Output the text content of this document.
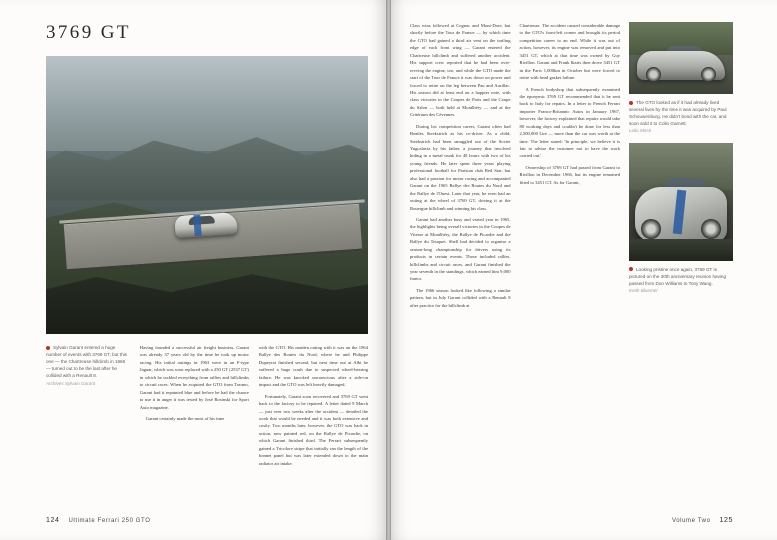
3769 GT
Sylvain Garant entered a huge number of events with 3769 GT, but this one — the Chartreuse hillclimb in 1966 — turned out to be the last after he collided with a Renault 8.
Archives Sylvain Garant

Having founded a successful air freight business, Garant was already 37 years old by the time he took up motor racing. His initial outings in 1963 were in an F-type Jaguar, which was soon replaced with a 250 GT (2537 GT) in which he tackled everything from rallies and hillclimbs to circuit races. When he acquired the GTO from Tavano, Garant had it repainted blue and before he had the chance to use it in anger it was tested by José Rosinski for Sport Auto magazine.

Garant certainly made the most of his time

with the GTO. His maiden outing with it was on the 1964 Rallye des Routes du Nord, where he and Philippe Dupeyrat finished second, but next time out at Albi he suffered a huge crash due to suspected wheel-bearing failure. He was knocked unconscious after a side-on impact and the GTO was left heavily damaged.

Fortunately, Garant soon recovered and 3769 GT went back to the factory to be repaired. A letter dated 9 March — just over two weeks after the accident — detailed the work that would be needed and it was both extensive and costly. Two months later, however, the GTO was back in action, now painted red, on the Rallye de Picardie, on which Garant finished third. The Ferrari subsequently gained a Tricolore stripe that initially ran the length of the bonnet panel but was later extended down to the main radiator air intake.

124 Ultimate Ferrari 250 GTO

Class wins followed at Cognac and Mont-Dore, but shortly before the Tour de France — by which time the GTO had gained a third air vent on the trailing edge of each front wing — Garant entered the Chartreuse hillclimb and suffered another accident. His support crew reported that he had been over-revving the engine, too, and while the GTO made the start of the Tour de France it was down on power and forced to retire on the leg between Pau and Aurillac. His season did at least end on a happier note, with class victories in the Coupes de Paris and the Coupe du Salon — both held at Montlhéry — and at the Critérium des Cévennes.

During his competition career, Garant often had Beatles Steekstrich as his co-driver. As a child, Steekstrich had been smuggled out of the Soviet Yugoslavia by his father, a journey that involved hiding in a metal trunk for 48 hours with two of his young friends. He later spent three years playing professional football for Parisian club Red Star, but also had a passion for motor racing and accompanied Garant on the 1965 Rallye des Routes du Nord and the Rallye de l'Ouest. Later that year, he even had an outing at the wheel of 3769 GT, driving it at the Rouergue hillclimb and winning his class.

Garant had another busy and varied year in 1965, the highlights being overall victories in the Coupes de Vitesse at Montlhéry, the Rallye de Picardie and the Rallye du Touquet. Shell had decided to organise a season-long championship for drivers using its products in certain events. Those included rallies, hillclimbs and circuit races, and Garant finished the year seventh in the standings, which earned him 9,000 francs.

The 1966 season looked like following a similar pattern, but in July Garant collided with a Renault 8 after practice for the hillclimb at

Chartreuse. The accident caused considerable damage to the GTO's front-left corner and brought its period competition career to an end. While it was out of action, however, its engine was removed and put into 3451 GT, which at that time was owned by Guy Rivillon. Garant and Frank Ikaris then drove 3451 GT in the Paris 1,000km in October but were forced to retire with head gasket failure.

A French bodyshop that subsequently examined the eponymic 3769 GT recommended that it be sent back to Italy for repairs. In a letter to French Ferrari importer Franco-Britannic Autos in January 1967, however, the factory explained that repairs would take 80 working days and couldn't be done for less than 2,500,000 Lire — more than the car was worth at the time. The letter stated: 'In principle, we believe it is fair to advise the customer not to have the work carried out.'

Ownership of 3769 GT had passed from Garant to Rivillon in December 1966, but its engine remained fitted to 3451 GT. As for Garant,

The GTO looked as if it had already lived several lives by the time it was acquired by Paul Schouwenburg. He didn't bond with the car, and soon sold it to Colin Garnett.
Lelio Mosti
Looking pristine once again, 3769 GT is pictured on the 30th anniversary reunion having passed from Don Williams to Tony Wang.
Keith Bluemel
Volume Two 125
